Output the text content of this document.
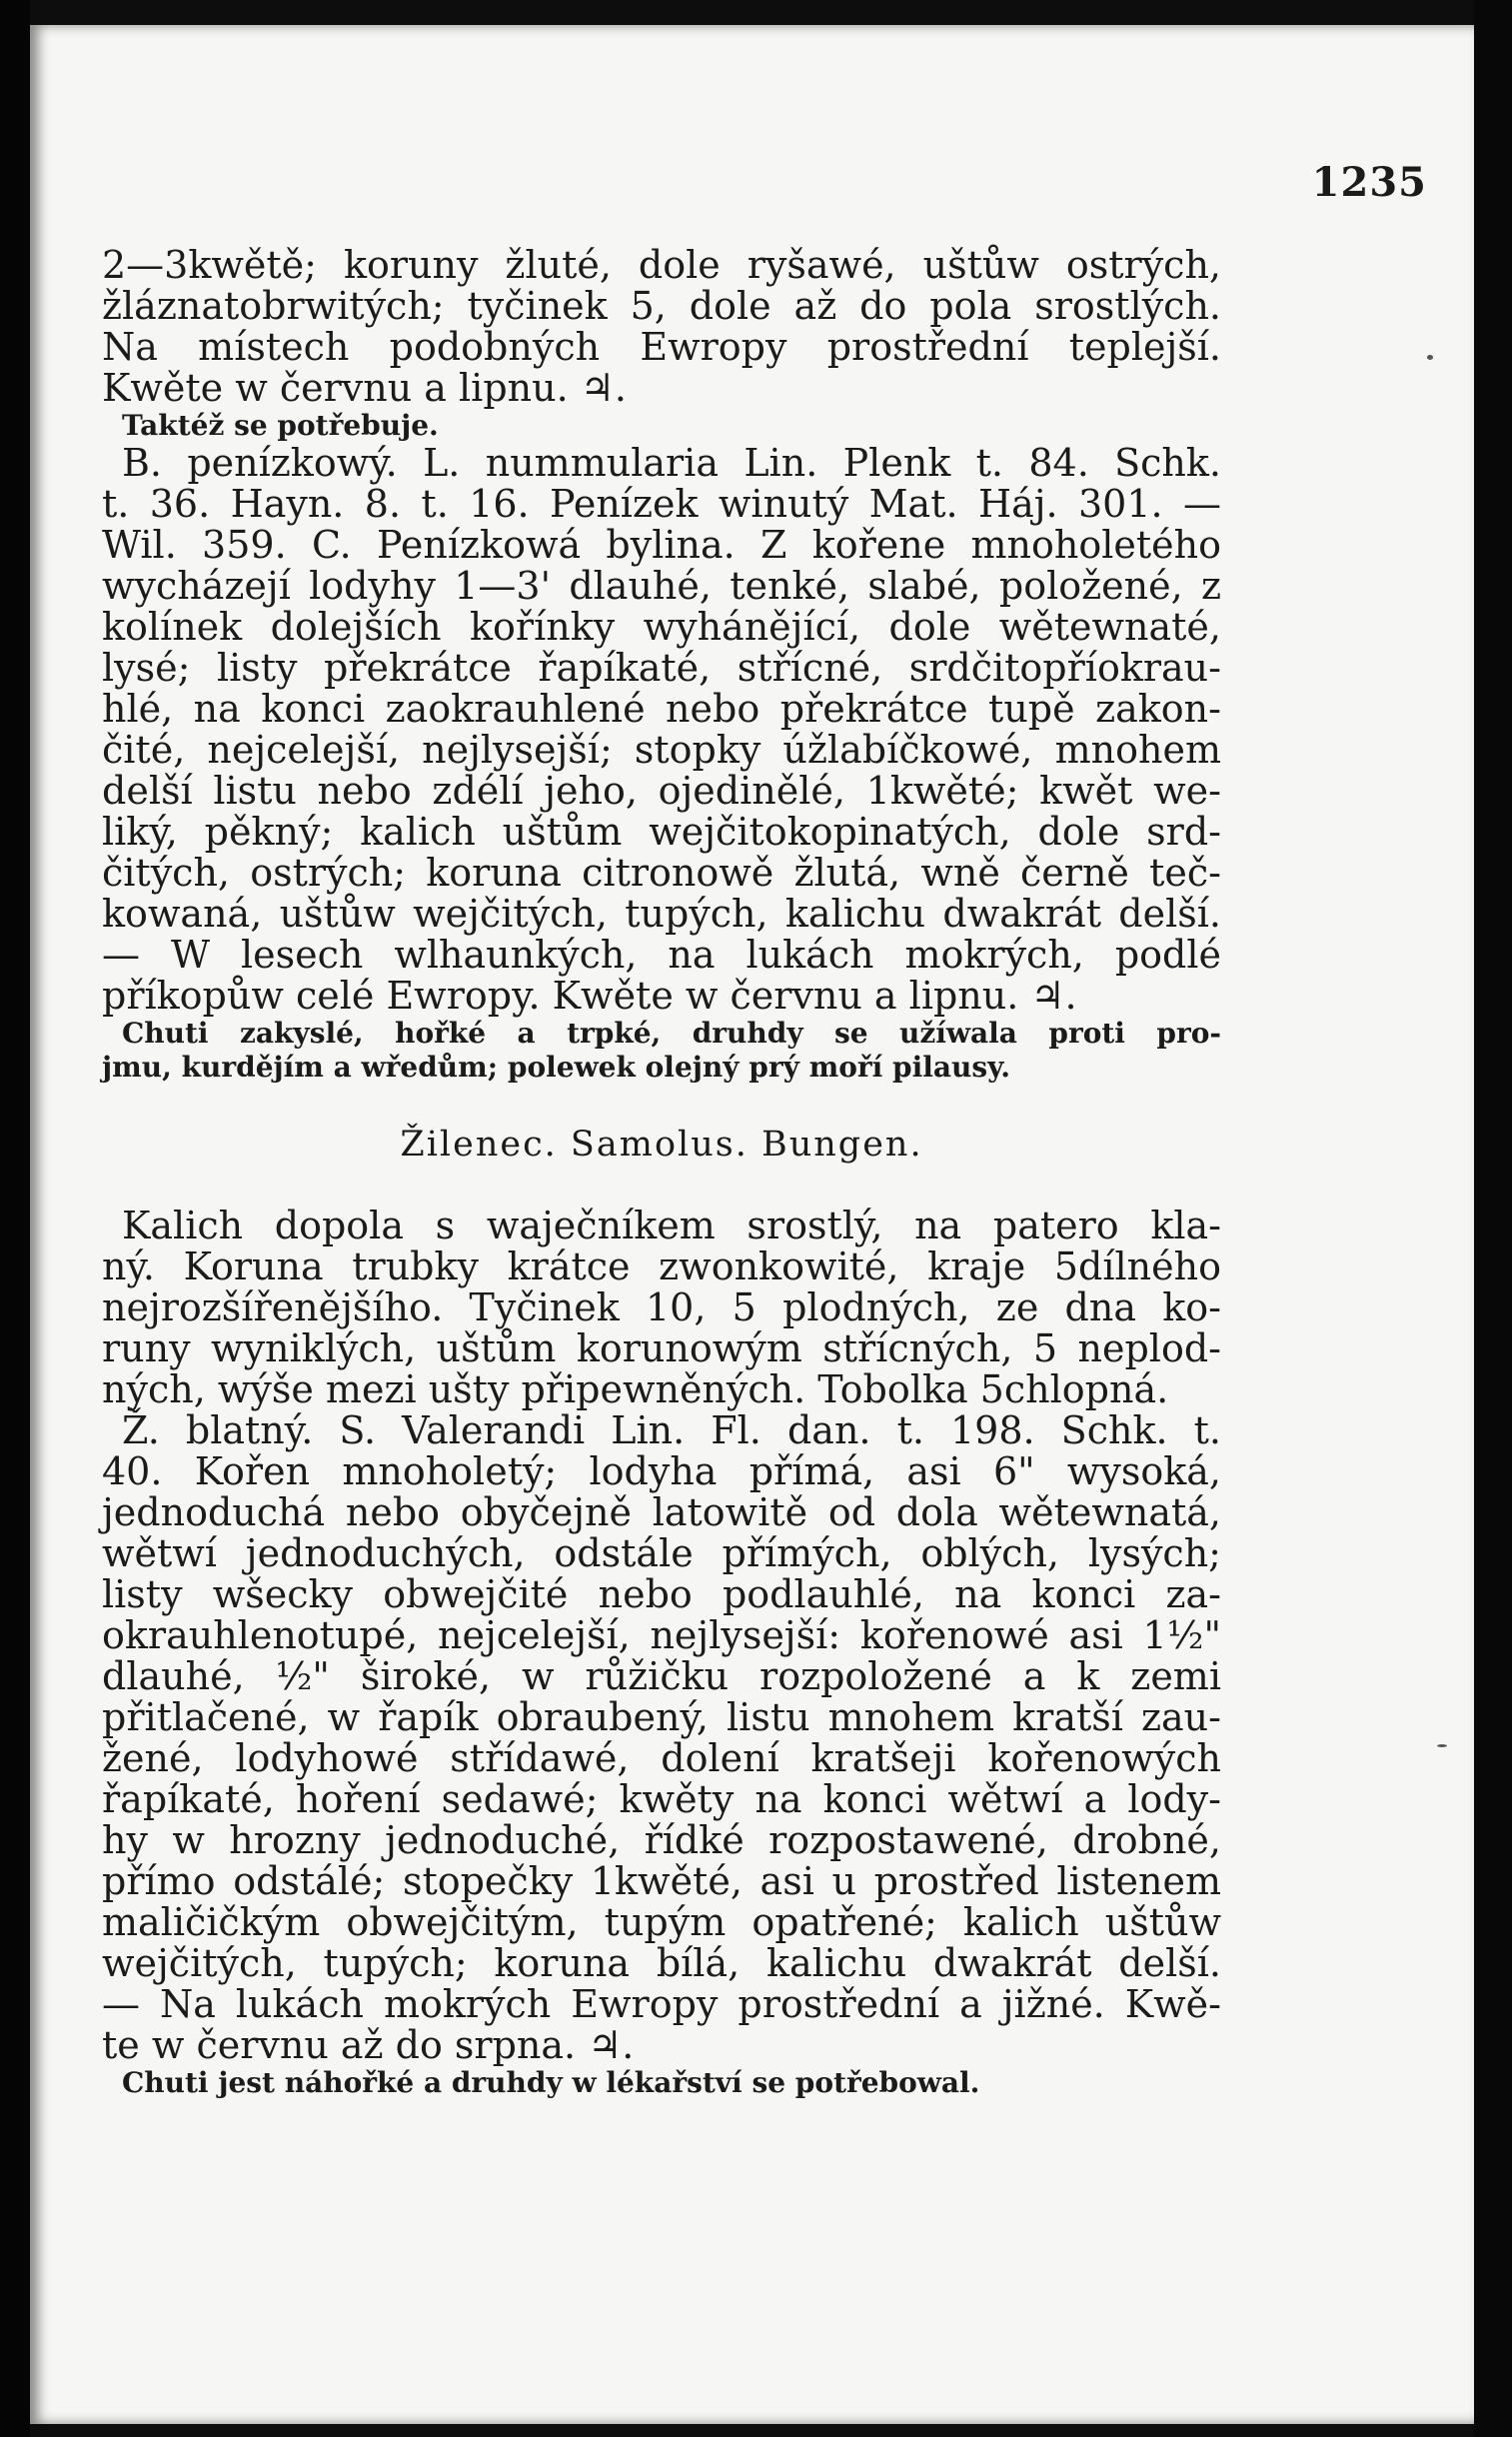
1235
2—3kwětě; koruny žluté, dole ryšawé, uštůw ostrých,
žláznatobrwitých; tyčinek 5, dole až do pola srostlých.
Na místech podobných Ewropy prostřední teplejší.
Kwěte w červnu a lipnu. ♃.
Taktéž se potřebuje.
B. penízkowý. L. nummularia Lin. Plenk t. 84. Schk.
t. 36. Hayn. 8. t. 16. Penízek winutý Mat. Háj. 301. —
Wil. 359. C. Penízkowá bylina. Z kořene mnoholetého
wycházejí lodyhy 1—3' dlauhé, tenké, slabé, položené, z
kolínek dolejších kořínky wyháněj​ící, dole wětewnaté,
lysé; listy překrátce řapíkaté, střícné, srdčitopříokrau-
hlé, na konci zaokrauhlené nebo překrátce tupě zakon-
čité, nejcelejší, nejlysejší; stopky úžlabíčkowé, mnohem
delší listu nebo zdélí jeho, ojedinělé, 1kwěté; kwět we-
liký, pěkný; kalich uštům wejčitokopinatých, dole srd-
čitých, ostrých; koruna citronowě žlutá, wně černě teč-
kowaná, uštůw wejčitých, tupých, kalichu dwakrát delší.
— W lesech wlhaunkých, na lukách mokrých, podlé
příkopůw celé Ewropy. Kwěte w červnu a lipnu. ♃.
Chuti zakyslé, hořké a trpké, druhdy se užíwala proti pro-
jmu, kurdějím a wředům; polewek olejný prý moří pilausy.
Žilenec. Samolus. Bungen.
Kalich dopola s waječníkem srostlý, na patero kla-
ný. Koruna trubky krátce zwonkowité, kraje 5dílného
nejrozšířenějšího. Tyčinek 10, 5 plodných, ze dna ko-
runy wyniklých, uštům korunowým střícných, 5 neplod-
ných, wýše mezi ušty připewněných. Tobolka 5chlopná.
Ž. blatný. S. Valerandi Lin. Fl. dan. t. 198. Schk. t.
40. Kořen mnoholetý; lodyha přímá, asi 6" wysoká,
jednoduchá nebo obyčejně latowitě od dola wětewnatá,
wětwí jednoduchých, odstále přímých, oblých, lysých;
listy wšecky obwejčité nebo podlauhlé, na konci za-
okrauhlenotupé, nejcelejší, nejlysejší: kořenowé asi 1½"
dlauhé, ½" široké, w růžičku rozpoložené a k zemi
přitlačené, w řapík obraubený, listu mnohem kratší zau-
žené, lodyhowé střídawé, dolení kratšeji kořenowých
řapíkaté, hoření sedawé; kwěty na konci wětwí a lody-
hy w hrozny jednoduché, řídké rozpostawené, drobné,
přímo odstálé; stopečky 1kwěté, asi u prostřed listenem
maličičkým obwejčitým, tupým opatřené; kalich uštůw
wejčitých, tupých; koruna bílá, kalichu dwakrát delší.
— Na lukách mokrých Ewropy prostřední a jižné. Kwě-
te w červnu až do srpna. ♃.
Chuti jest náhořké a druhdy w lékařství se potřebowal.
